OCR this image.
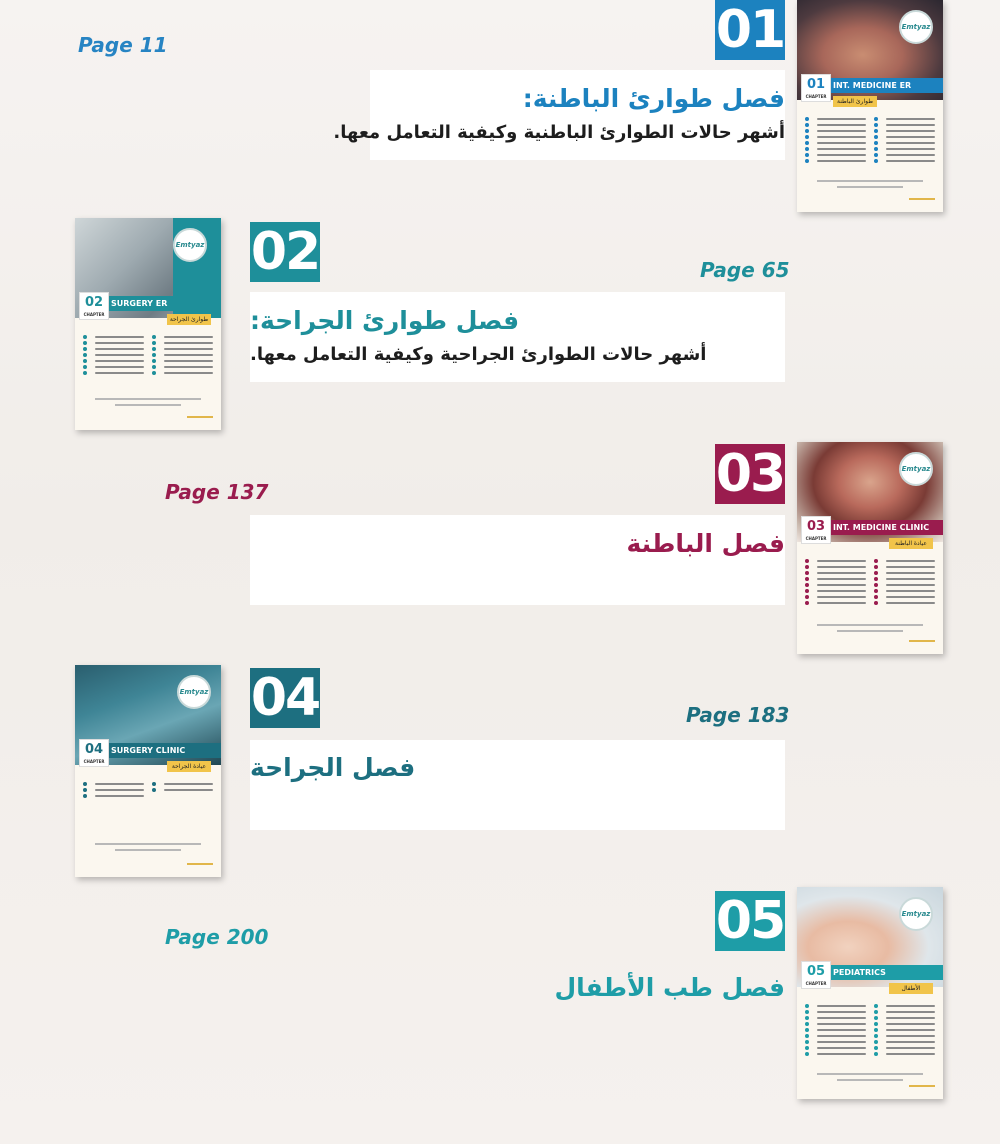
01
Page 11
فصل طوارئ الباطنة:
أشهر حالات الطوارئ الباطنية وكيفية التعامل معها.
Emtyaz
INT. MEDICINE ER
01
CHAPTER
طوارئ الباطنة
02	Page 65
فصل طوارئ الجراحة:
أشهر حالات الطوارئ الجراحية وكيفية التعامل معها.
Emtyaz
SURGERY ER
02
CHAPTER
طوارئ الجراحة
03
Page 137
فصل الباطنة
Emtyaz
INT. MEDICINE CLINIC
03
CHAPTER
عيادة الباطنة
04	Page 183
فصل الجراحة
Emtyaz
SURGERY CLINIC
04
CHAPTER
عيادة الجراحة
05
Page 200
فصل طب الأطفال
Emtyaz
PEDIATRICS
05
CHAPTER
الأطفال
